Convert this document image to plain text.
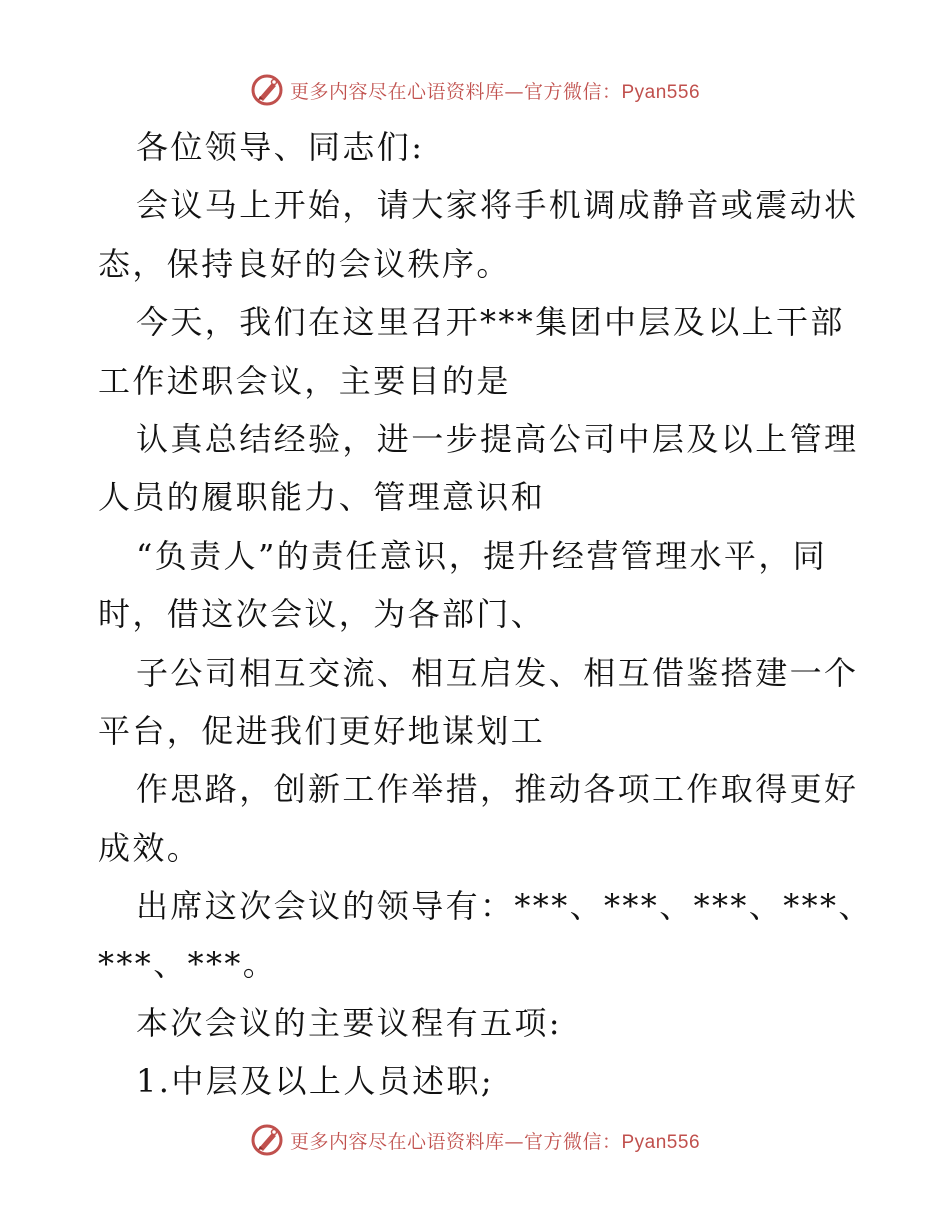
更多内容尽在心语资料库—官方微信：Pyan556
各位领导、同志们:
会议马上开始，请大家将手机调成静音或震动状
态，保持良好的会议秩序。
今天，我们在这里召开***集团中层及以上干部
工作述职会议，主要目的是
认真总结经验，进一步提高公司中层及以上管理
人员的履职能力、管理意识和
“负责人”的责任意识，提升经营管理水平，同
时，借这次会议，为各部门、
子公司相互交流、相互启发、相互借鉴搭建一个
平台，促进我们更好地谋划工
作思路，创新工作举措，推动各项工作取得更好
成效。
出席这次会议的领导有：***、***、***、***、
***、***。
本次会议的主要议程有五项:
1.中层及以上人员述职;
更多内容尽在心语资料库—官方微信：Pyan556
